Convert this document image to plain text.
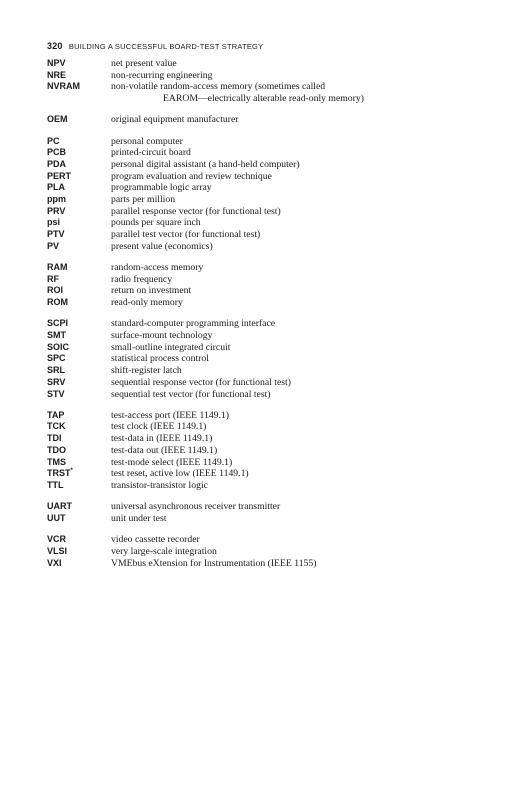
320 BUILDING A SUCCESSFUL BOARD-TEST STRATEGY
NPV	net present value
NRE	non-recurring engineering
NVRAM	non-volatile random-access memory (sometimes called
EAROM—electrically alterable read-only memory)
OEM	original equipment manufacturer
PC	personal computer
PCB	printed-circuit board
PDA	personal digital assistant (a hand-held computer)
PERT	program evaluation and review technique
PLA	programmable logic array
ppm	parts per million
PRV	parallel response vector (for functional test)
psi	pounds per square inch
PTV	parallel test vector (for functional test)
PV	present value (economics)
RAM	random-access memory
RF	radio frequency
ROI	return on investment
ROM	read-only memory
SCPI	standard-computer programming interface
SMT	surface-mount technology
SOIC	small-outline integrated circuit
SPC	statistical process control
SRL	shift-register latch
SRV	sequential response vector (for functional test)
STV	sequential test vector (for functional test)
TAP	test-access port (IEEE 1149.1)
TCK	test clock (IEEE 1149.1)
TDI	test-data in (IEEE 1149.1)
TDO	test-data out (IEEE 1149.1)
TMS	test-mode select (IEEE 1149.1)
TRST*	test reset, active low (IEEE 1149.1)
TTL	transistor-transistor logic
UART	universal asynchronous receiver transmitter
UUT	unit under test
VCR	video cassette recorder
VLSI	very large-scale integration
VXI	VMEbus eXtension for Instrumentation (IEEE 1155)
